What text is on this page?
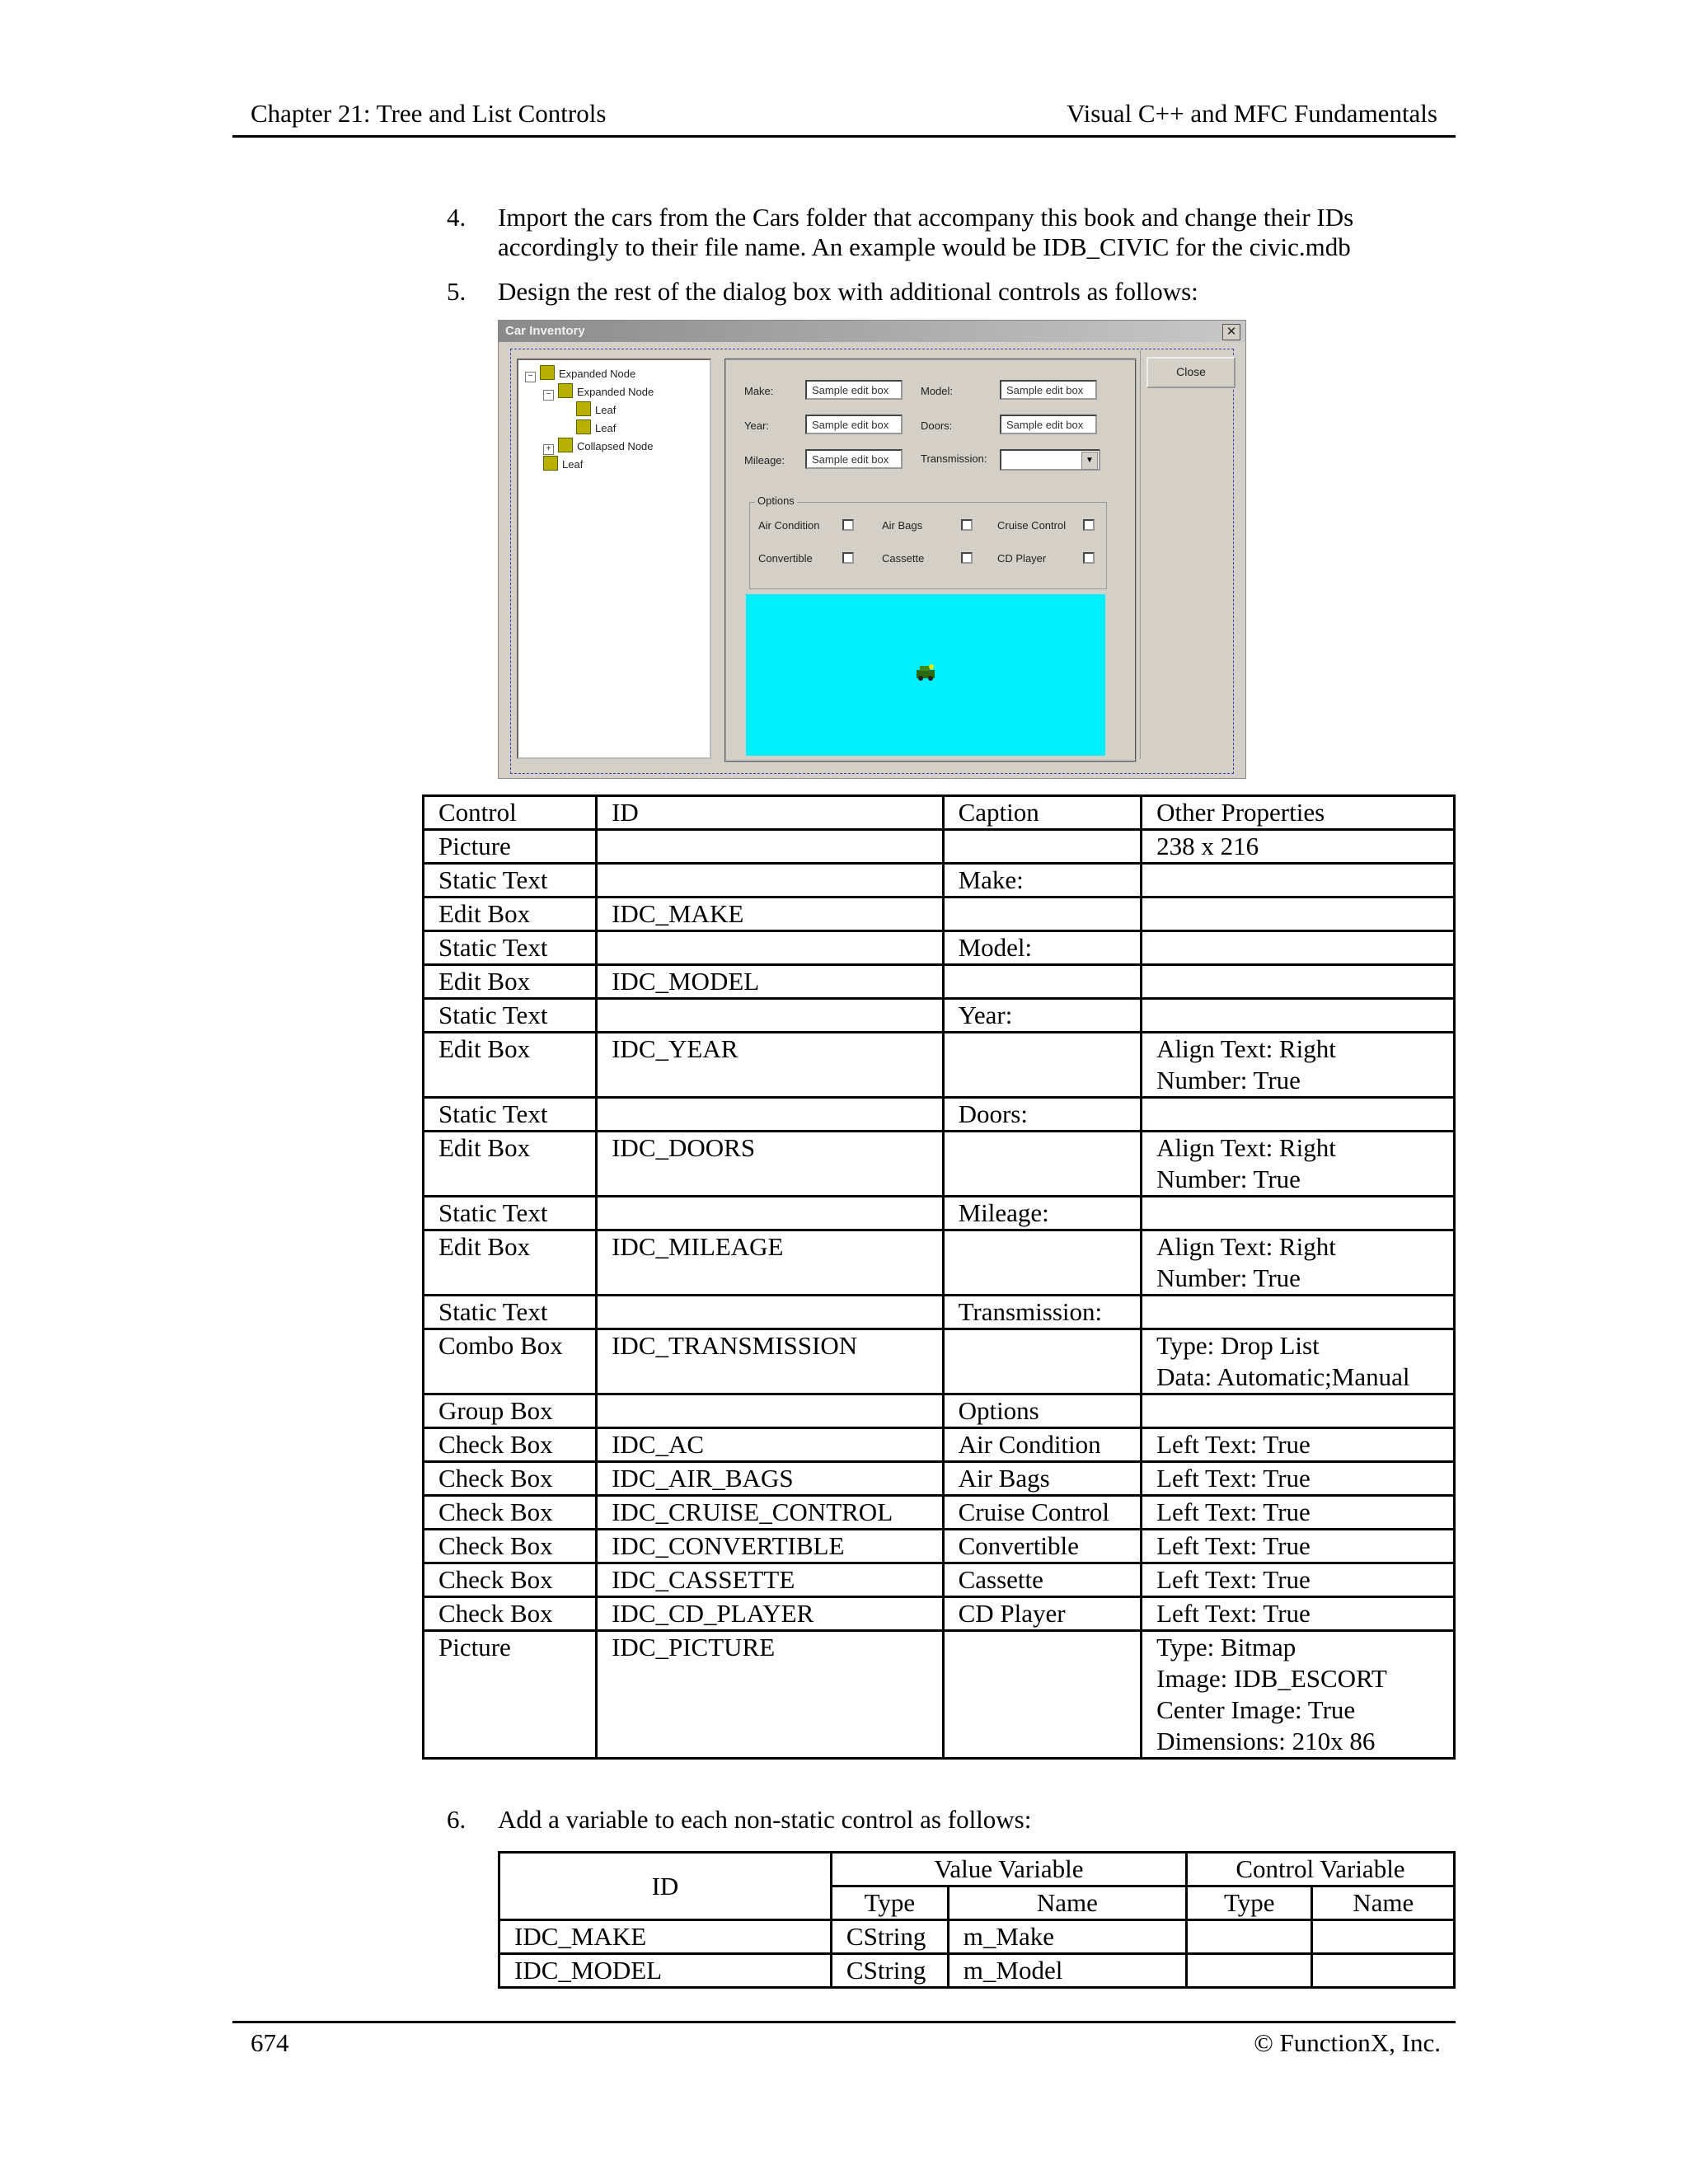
Chapter 21: Tree and List Controls	Visual C++ and MFC Fundamentals
4. Import the cars from the Cars folder that accompany this book and change their IDs
accordingly to their file name. An example would be IDB_CIVIC for the civic.mdb
5. Design the rest of the dialog box with additional controls as follows:
Car Inventory	✕
− Expanded Node
− Expanded Node
Leaf
Leaf
+ Collapsed Node
Leaf
Make:	Sample edit box	Model:	Sample edit box
Year:	Sample edit box	Doors:	Sample edit box
Mileage:	Sample edit box	Transmission:	▼
Options
Air Condition	Air Bags	Cruise Control
Convertible	Cassette	CD Player
Close
Control	ID	Caption	Other Properties
Picture			238 x 216
Static Text		Make:	
Edit Box	IDC_MAKE		
Static Text		Model:	
Edit Box	IDC_MODEL		
Static Text		Year:	
Edit Box	IDC_YEAR		Align Text: Right
Number: True
Static Text		Doors:	
Edit Box	IDC_DOORS		Align Text: Right
Number: True
Static Text		Mileage:	
Edit Box	IDC_MILEAGE		Align Text: Right
Number: True
Static Text		Transmission:	
Combo Box	IDC_TRANSMISSION		Type: Drop List
Data: Automatic;Manual
Group Box		Options	
Check Box	IDC_AC	Air Condition	Left Text: True
Check Box	IDC_AIR_BAGS	Air Bags	Left Text: True
Check Box	IDC_CRUISE_CONTROL	Cruise Control	Left Text: True
Check Box	IDC_CONVERTIBLE	Convertible	Left Text: True
Check Box	IDC_CASSETTE	Cassette	Left Text: True
Check Box	IDC_CD_PLAYER	CD Player	Left Text: True
Picture	IDC_PICTURE		Type: Bitmap
Image: IDB_ESCORT
Center Image: True
Dimensions: 210x 86
6. Add a variable to each non-static control as follows:
ID	Value Variable		Control Variable	
	Type	Name	Type	Name
IDC_MAKE	CString	m_Make		
IDC_MODEL	CString	m_Model		
674	© FunctionX, Inc.
